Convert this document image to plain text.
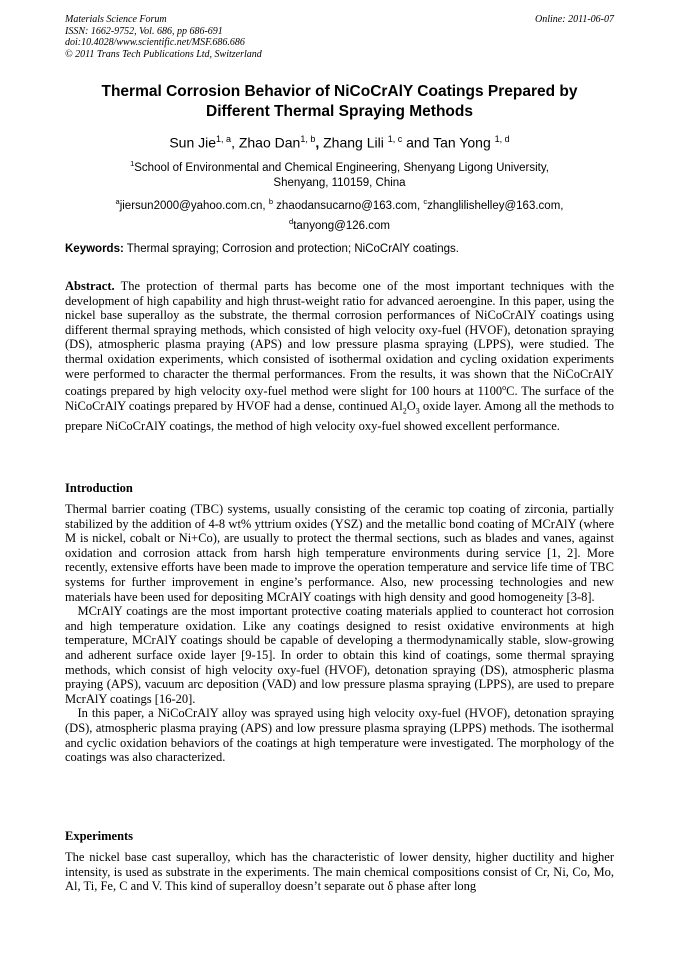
Materials Science Forum
ISSN: 1662-9752, Vol. 686, pp 686-691
doi:10.4028/www.scientific.net/MSF.686.686
© 2011 Trans Tech Publications Ltd, Switzerland
Online: 2011-06-07
Thermal Corrosion Behavior of NiCoCrAlY Coatings Prepared by
Different Thermal Spraying Methods
Sun Jie$^{1, a}$, Zhao Dan$^{1, b}$, Zhang Lili $^{1, c}$ and Tan Yong $^{1, d}$
$^1$School of Environmental and Chemical Engineering, Shenyang Ligong University,
Shenyang, 110159, China
$^a$jiersun2000@yahoo.com.cn, $^b$ zhaodansucarno@163.com, $^c$zhanglilishelley@163.com,
$^d$tanyong@126.com
Keywords: Thermal spraying; Corrosion and protection; NiCoCrAlY coatings.

Abstract. The protection of thermal parts has become one of the most important techniques with the development of high capability and high thrust-weight ratio for advanced aeroengine. In this paper, using the nickel base superalloy as the substrate, the thermal corrosion performances of NiCoCrAlY coatings using different thermal spraying methods, which consisted of high velocity oxy-fuel (HVOF), detonation spraying (DS), atmospheric plasma praying (APS) and low pressure plasma spraying (LPPS), were studied. The thermal oxidation experiments, which consisted of isothermal oxidation and cycling oxidation experiments were performed to character the thermal performances. From the results, it was shown that the NiCoCrAlY coatings prepared by high velocity oxy-fuel method were slight for 100 hours at 1100$^o$C. The surface of the NiCoCrAlY coatings prepared by HVOF had a dense, continued $Al_2O_3$ oxide layer. Among all the methods to prepare NiCoCrAlY coatings, the method of high velocity oxy-fuel showed excellent performance.

Introduction

Thermal barrier coating (TBC) systems, usually consisting of the ceramic top coating of zirconia, partially stabilized by the addition of 4-8 wt% yttrium oxides (YSZ) and the metallic bond coating of MCrAlY (where M is nickel, cobalt or Ni+Co), are usually to protect the thermal sections, such as blades and vanes, against oxidation and corrosion attack from harsh high temperature environments during service [1, 2]. More recently, extensive efforts have been made to improve the operation temperature and service life time of TBC systems for further improvement in engine’s performance. Also, new processing technologies and new materials have been used for depositing MCrAlY coatings with high density and good homogeneity [3-8].

 MCrAlY coatings are the most important protective coating materials applied to counteract hot corrosion and high temperature oxidation. Like any coatings designed to resist oxidative environments at high temperature, MCrAlY coatings should be capable of developing a thermodynamically stable, slow-growing and adherent surface oxide layer [9-15]. In order to obtain this kind of coatings, some thermal spraying methods, which consist of high velocity oxy-fuel (HVOF), detonation spraying (DS), atmospheric plasma praying (APS), vacuum arc deposition (VAD) and low pressure plasma spraying (LPPS), are used to prepare McrAlY coatings [16-20].

 In this paper, a NiCoCrAlY alloy was sprayed using high velocity oxy-fuel (HVOF), detonation spraying (DS), atmospheric plasma praying (APS) and low pressure plasma spraying (LPPS) methods. The isothermal and cyclic oxidation behaviors of the coatings at high temperature were investigated. The morphology of the coatings was also characterized.

Experiments

The nickel base cast superalloy, which has the characteristic of lower density, higher ductility and higher intensity, is used as substrate in the experiments. The main chemical compositions consist of Cr, Ni, Co, Mo, Al, Ti, Fe, C and V. This kind of superalloy doesn’t separate out δ phase after long
